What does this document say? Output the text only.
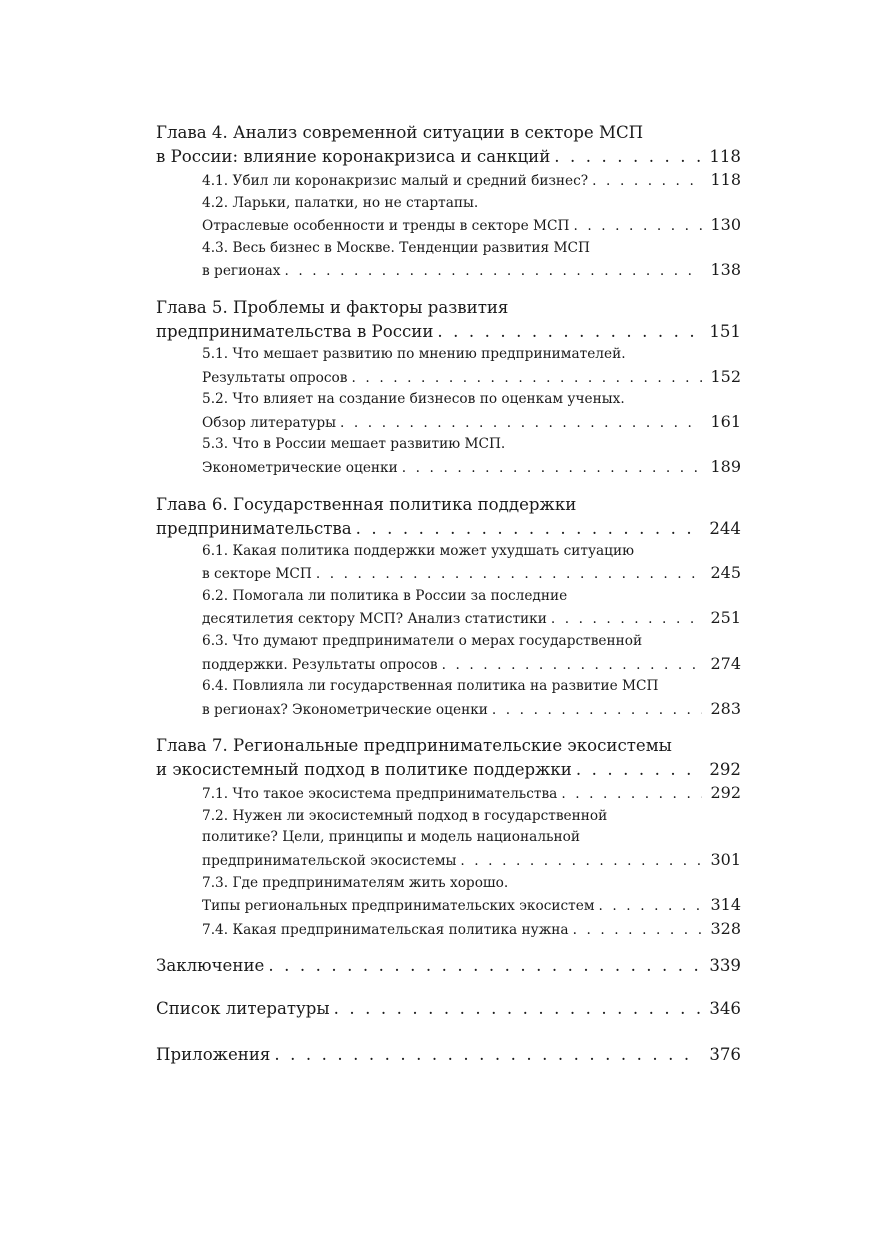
Глава 4. Анализ современной ситуации в секторе МСП
в России: влияние коронакризиса и санкций . . .	118
4.1. Убил ли коронакризис малый и средний бизнес? . . .	118
4.2. Ларьки, палатки, но не стартапы.
Отраслевые особенности и тренды в секторе МСП . . .	130
4.3. Весь бизнес в Москве. Тенденции развития МСП
в регионах . . .	138
Глава 5. Проблемы и факторы развития
предпринимательства в России . . .	151
5.1. Что мешает развитию по мнению предпринимателей.
Результаты опросов . . .	152
5.2. Что влияет на создание бизнесов по оценкам ученых.
Обзор литературы . . .	161
5.3. Что в России мешает развитию МСП.
Эконометрические оценки . . .	189
Глава 6. Государственная политика поддержки
предпринимательства . . .	244
6.1. Какая политика поддержки может ухудшать ситуацию
в секторе МСП . . .	245
6.2. Помогала ли политика в России за последние
десятилетия сектору МСП? Анализ статистики . . .	251
6.3. Что думают предприниматели о мерах государственной
поддержки. Результаты опросов . . .	274
6.4. Повлияла ли государственная политика на развитие МСП
в регионах? Эконометрические оценки . . .	283
Глава 7. Региональные предпринимательские экосистемы
и экосистемный подход в политике поддержки . . .	292
7.1. Что такое экосистема предпринимательства . . .	292
7.2. Нужен ли экосистемный подход в государственной
политике? Цели, принципы и модель национальной
предпринимательской экосистемы . . .	301
7.3. Где предпринимателям жить хорошо.
Типы региональных предпринимательских экосистем . . .	314
7.4. Какая предпринимательская политика нужна . . .	328
Заключение . . .	339
Список литературы . . .	346
Приложения . . .	376
